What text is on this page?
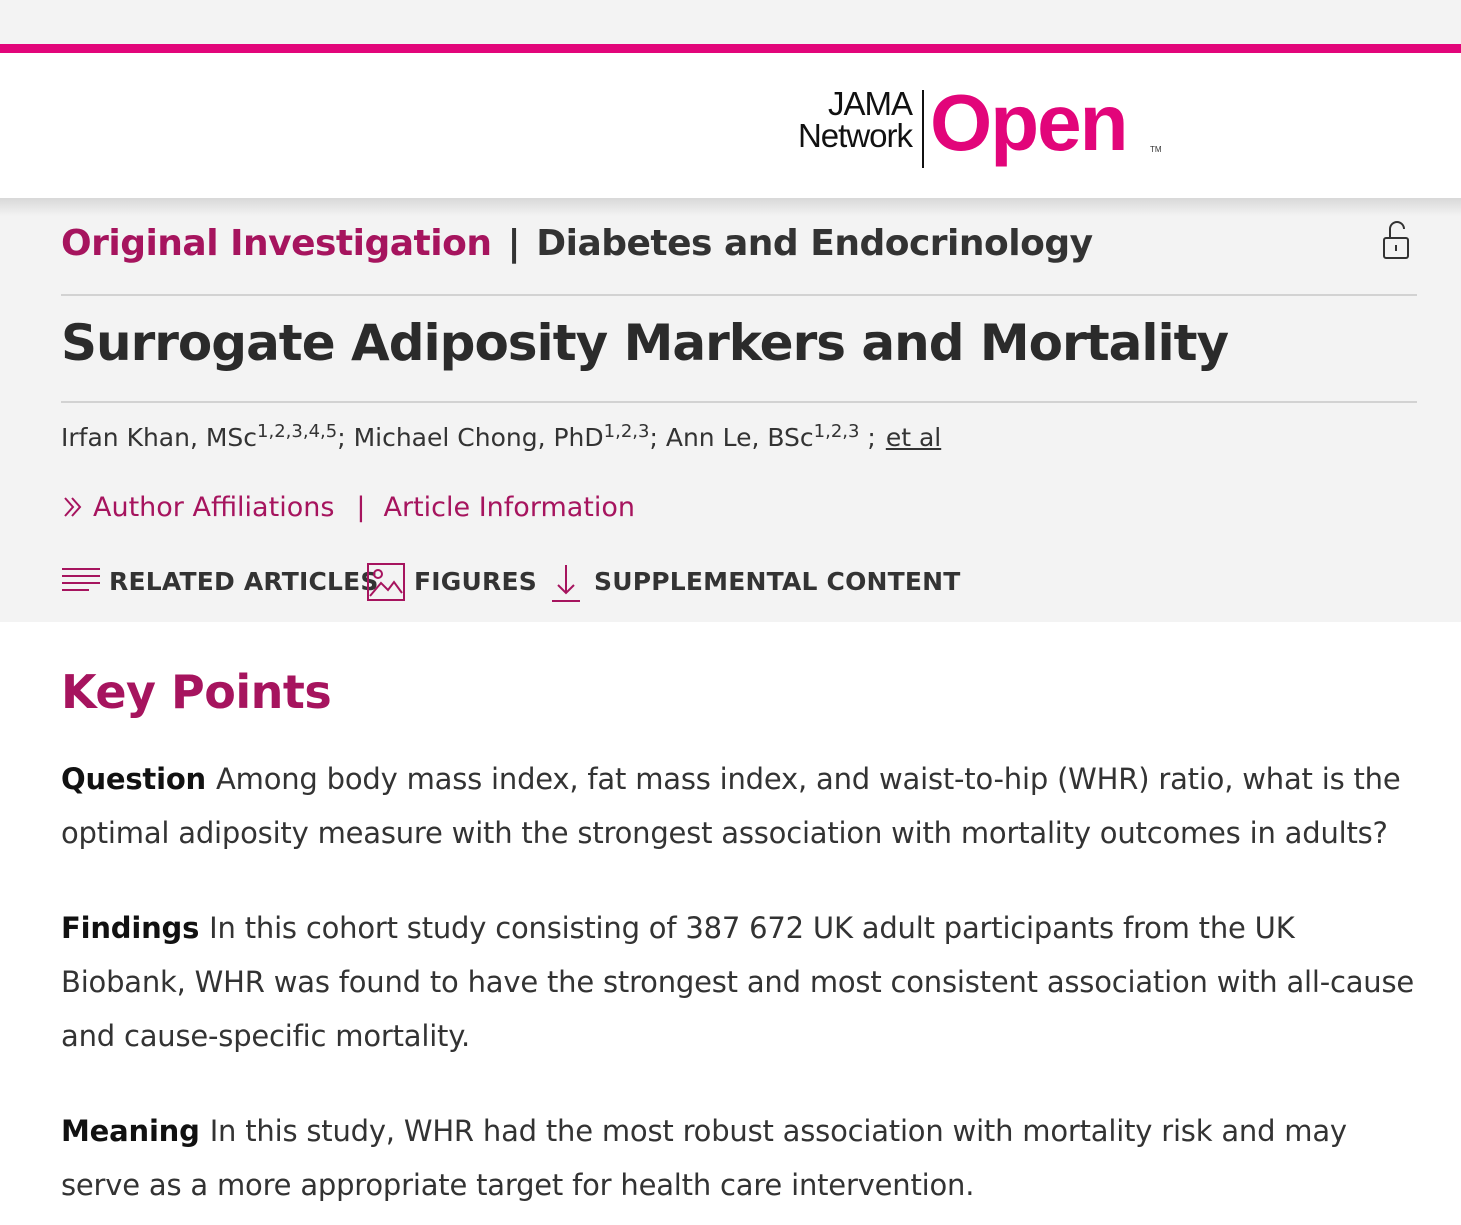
JAMA
Network Open	TM
Original Investigation | Diabetes and Endocrinology
Surrogate Adiposity Markers and Mortality
Irfan Khan, MSc$^{1,2,3,4,5}$; Michael Chong, PhD$^{1,2,3}$; Ann Le, BSc$^{1,2,3}$ ; et al
Author Affiliations | Article Information
RELATED ARTICLES FIGURES SUPPLEMENTAL CONTENT
Key Points

Question Among body mass index, fat mass index, and waist-to-hip (WHR) ratio, what is the optimal adiposity measure with the strongest association with mortality outcomes in adults?

Findings In this cohort study consisting of 387 672 UK adult participants from the UK Biobank, WHR was found to have the strongest and most consistent association with all-cause and cause-specific mortality.

Meaning In this study, WHR had the most robust association with mortality risk and may serve as a more appropriate target for health care intervention.
